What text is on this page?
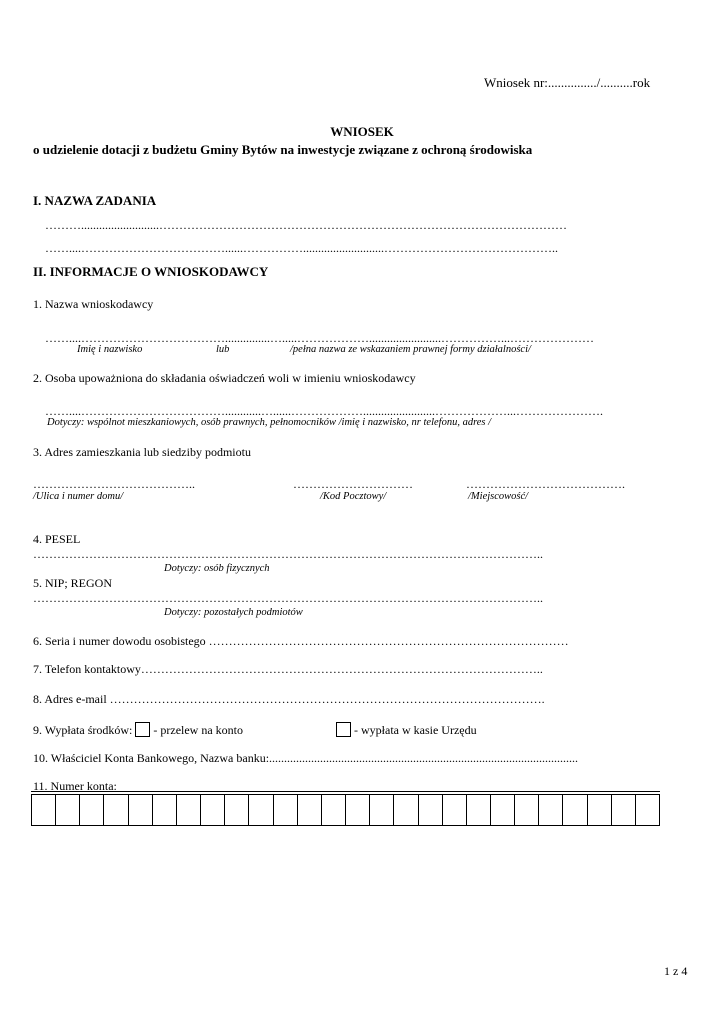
Wniosek nr:.............../..........rok
WNIOSEK
o udzielenie dotacji z budżetu Gminy Bytów na inwestycje związane z ochroną środowiska
I. NAZWA ZADANIA
………..........................…………………………………………………………………………………………
……....………………………………......……………...........................……………………………………..
II. INFORMACJE O WNIOSKODAWCY
1. Nazwa wnioskodawcy
……....………………………………...............….....………………........................……………...…………………
Imię i nazwisko	lub	/pełna nazwa ze wskazaniem prawnej formy działalności/
2. Osoba upoważniona do składania oświadczeń woli w imieniu wnioskodawcy
……....………………………………............…......………………........................………………...………………….
Dotyczy: wspólnot mieszkaniowych, osób prawnych, pełnomocników /imię i nazwisko, nr telefonu, adres /
3. Adres zamieszkania lub siedziby podmiotu
…………………………………..	…………………………	………………………………….
/Ulica i numer domu/	/Kod Pocztowy/	/Miejscowość/
4. PESEL
………………………………………………………………………………………………………………..
Dotyczy: osób fizycznych
5. NIP; REGON
………………………………………………………………………………………………………………..
Dotyczy: pozostałych podmiotów
6. Seria i numer dowodu osobistego ………………………………………………………………………………
7. Telefon kontaktowy………………………………………………………………………………………..
8. Adres e-mail ……………………………………………………………………………………………….
9. Wypłata środków: - przelew na konto	- wypłata w kasie Urzędu
10. Właściciel Konta Bankowego, Nazwa banku:.......................................................................................................
11. Numer konta:
1 z 4
